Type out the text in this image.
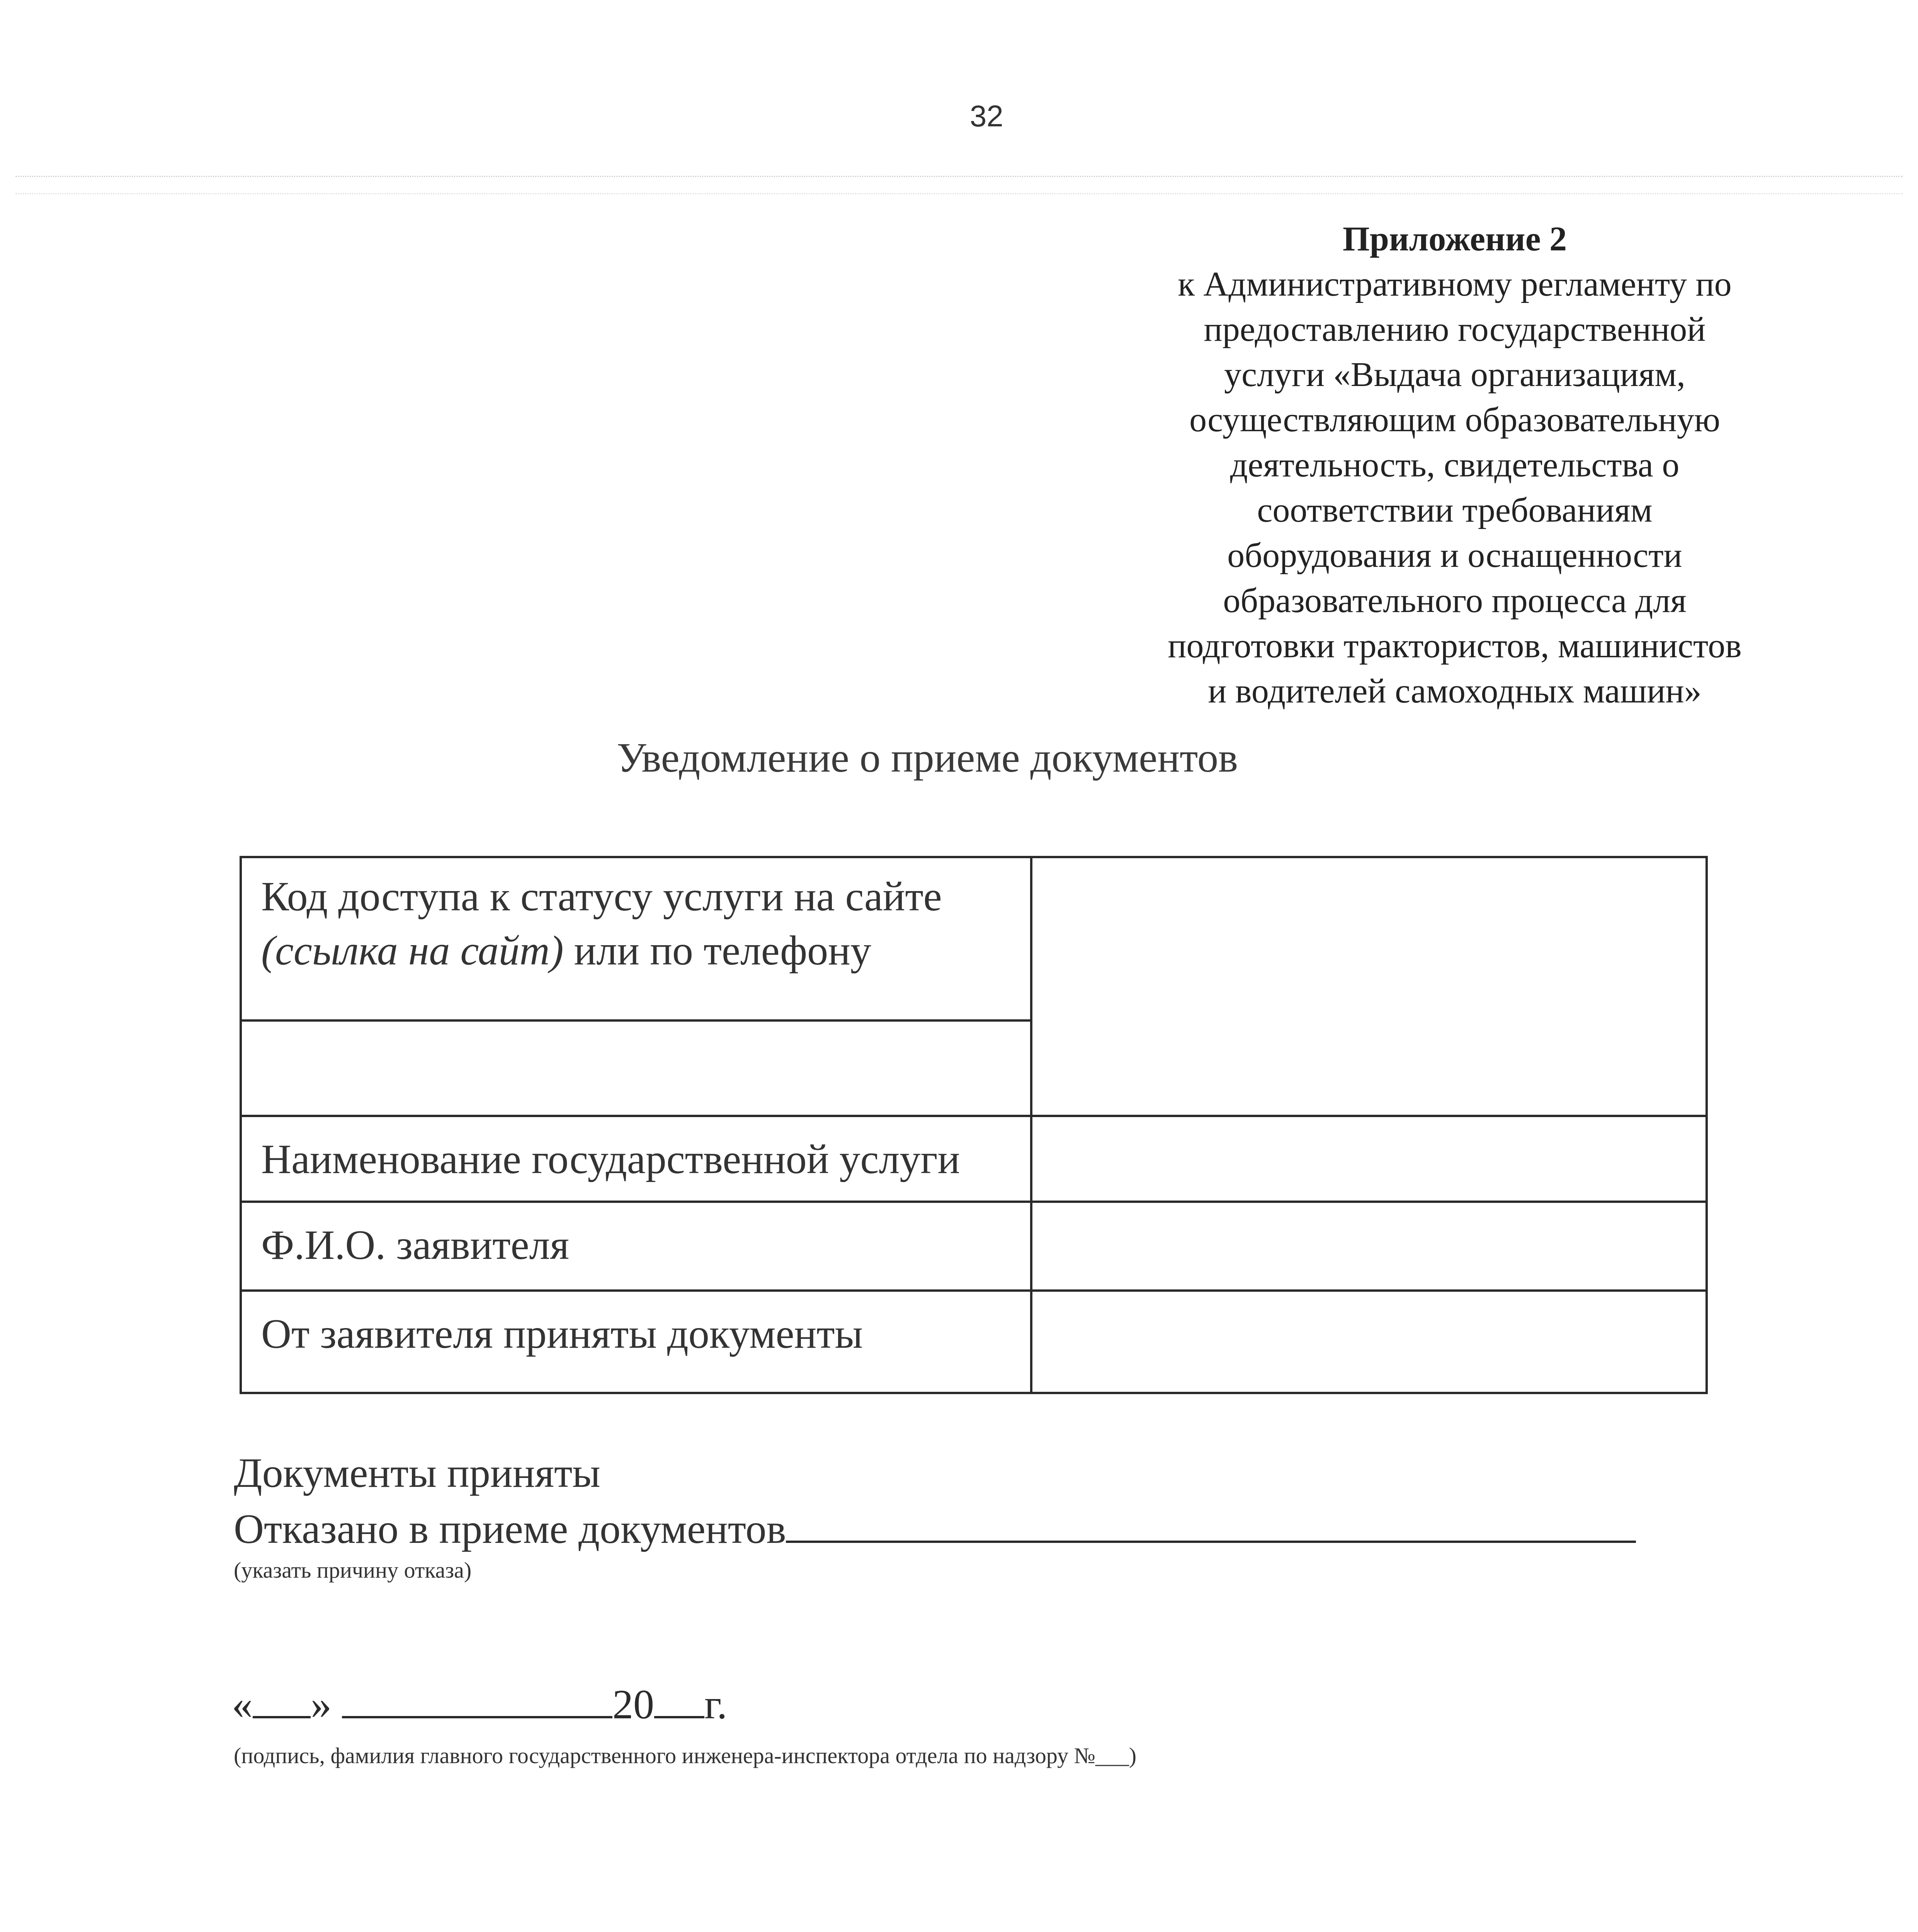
32
Приложение 2
к Административному регламенту по
предоставлению государственной
услуги «Выдача организациям,
осуществляющим образовательную
деятельность, свидетельства о
соответствии требованиям
оборудования и оснащенности
образовательного процесса для
подготовки трактористов, машинистов
и водителей самоходных машин»
Уведомление о приеме документов
Код доступа к статусу услуги на сайте
(ссылка на сайт) или по телефону	

Наименование государственной услуги	
Ф.И.О. заявителя	
От заявителя приняты документы	
Документы приняты
Отказано в приеме документов
(указать причину отказа)
« »	20 г.
(подпись, фамилия главного государственного инженера-инспектора отдела по надзору №___)
